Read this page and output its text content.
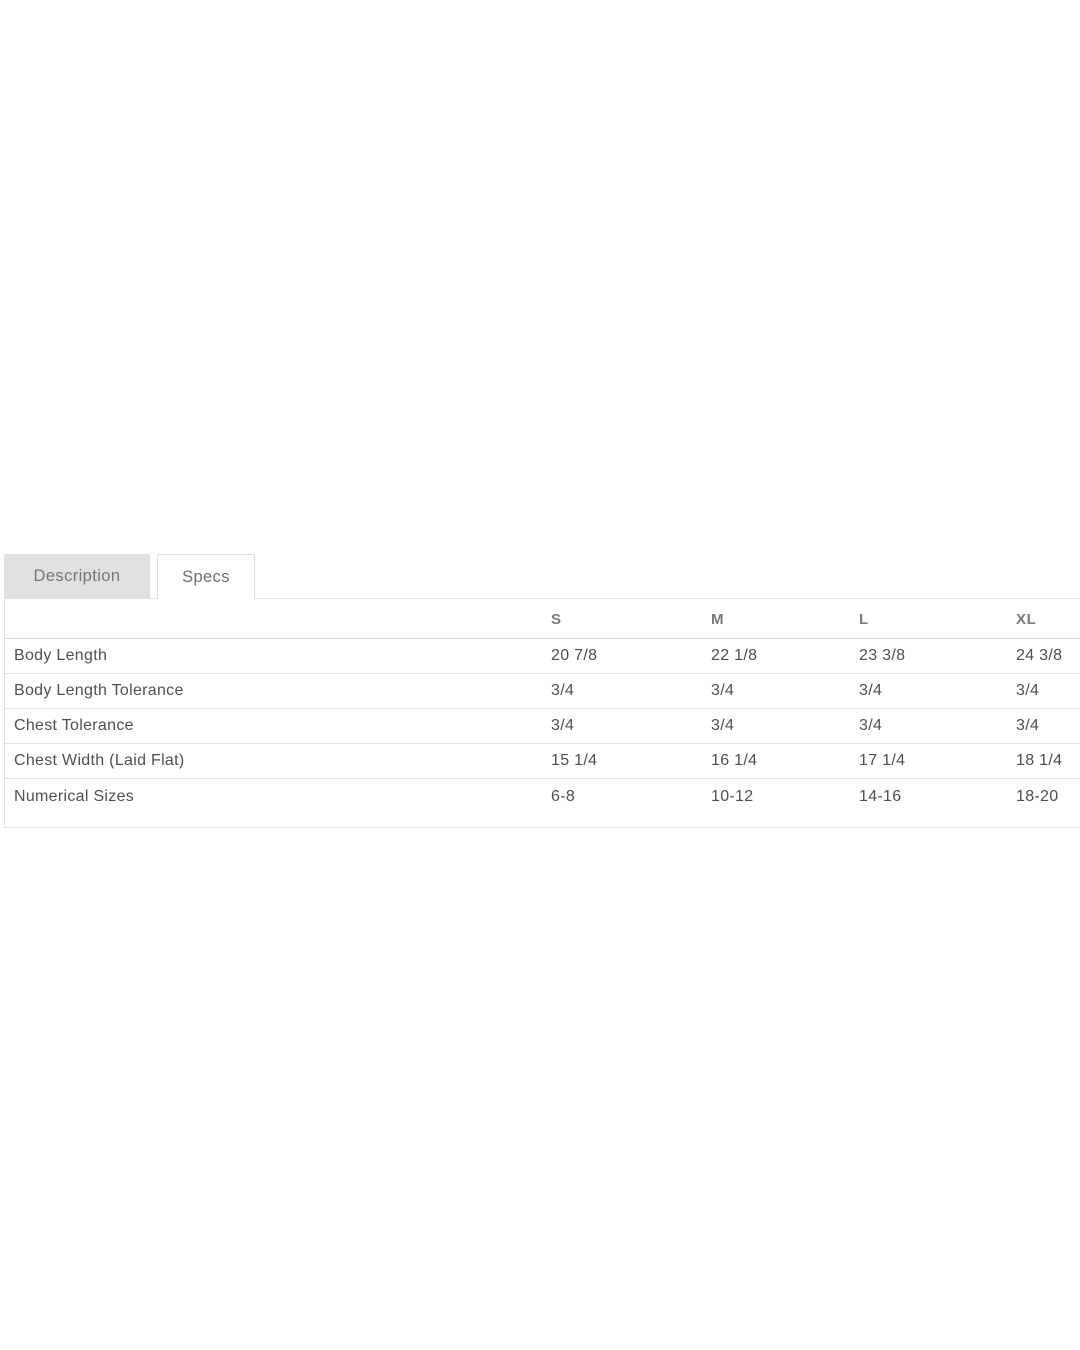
Description	Specs
	S	M	L	XL
Body Length	20 7/8	22 1/8	23 3/8	24 3/8
Body Length Tolerance	3/4	3/4	3/4	3/4
Chest Tolerance	3/4	3/4	3/4	3/4
Chest Width (Laid Flat)	15 1/4	16 1/4	17 1/4	18 1/4
Numerical Sizes	6-8	10-12	14-16	18-20
